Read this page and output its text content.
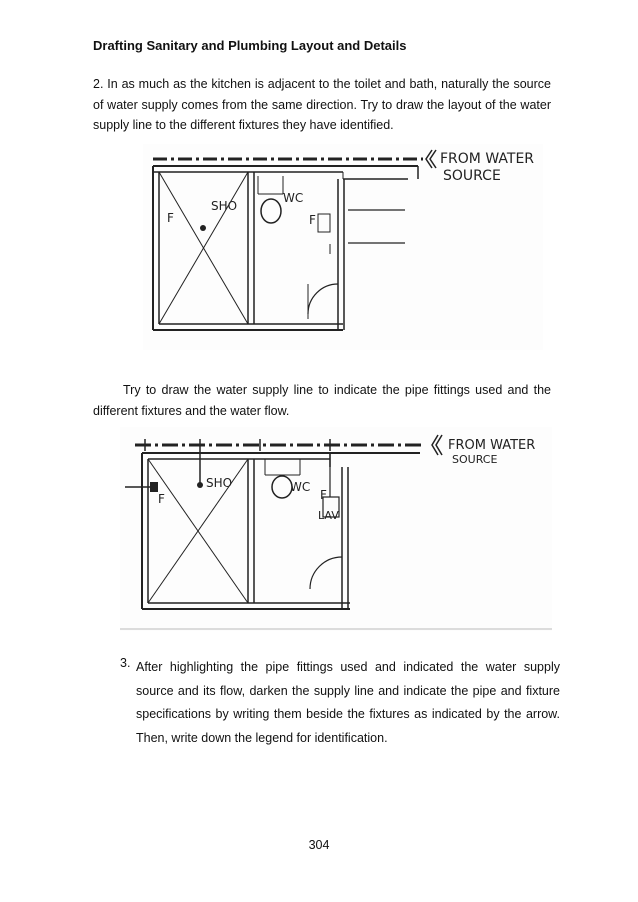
Drafting Sanitary and Plumbing Layout and Details
2. In as much as the kitchen is adjacent to the toilet and bath, naturally the source of water supply comes from the same direction. Try to draw the layout of the water supply line to the different fixtures they have identified.
FROM WATER
SOURCE
SHO
WC
F	F
Try to draw the water supply line to indicate the pipe fittings used and the different fixtures and the water flow.
FROM WATER
SOURCE
SHO	WC
F	F
LAV
3. After highlighting the pipe fittings used and indicated the water supply source and its flow, darken the supply line and indicate the pipe and fixture specifications by writing them beside the fixtures as indicated by the arrow. Then, write down the legend for identification.
304
